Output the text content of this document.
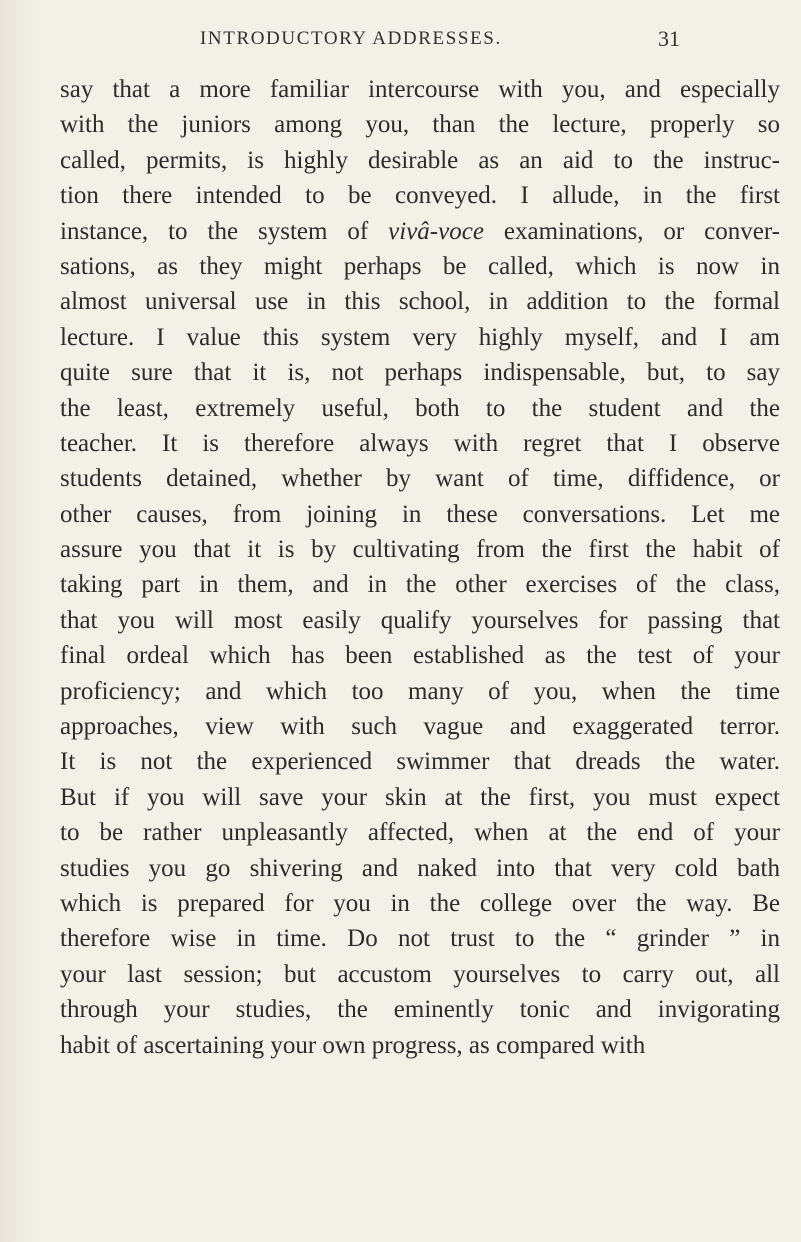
INTRODUCTORY ADDRESSES.	31
say that a more familiar intercourse with you, and especially
with the juniors among you, than the lecture, properly so
called, permits, is highly desirable as an aid to the instruc-
tion there intended to be conveyed. I allude, in the first
instance, to the system of vivâ-voce examinations, or conver-
sations, as they might perhaps be called, which is now in
almost universal use in this school, in addition to the formal
lecture. I value this system very highly myself, and I am
quite sure that it is, not perhaps indispensable, but, to say
the least, extremely useful, both to the student and the
teacher. It is therefore always with regret that I observe
students detained, whether by want of time, diffidence, or
other causes, from joining in these conversations. Let me
assure you that it is by cultivating from the first the habit of
taking part in them, and in the other exercises of the class,
that you will most easily qualify yourselves for passing that
final ordeal which has been established as the test of your
proficiency; and which too many of you, when the time
approaches, view with such vague and exaggerated terror.
It is not the experienced swimmer that dreads the water.
But if you will save your skin at the first, you must expect
to be rather unpleasantly affected, when at the end of your
studies you go shivering and naked into that very cold bath
which is prepared for you in the college over the way. Be
therefore wise in time. Do not trust to the “ grinder ” in
your last session; but accustom yourselves to carry out, all
through your studies, the eminently tonic and invigorating
habit of ascertaining your own progress, as compared with
